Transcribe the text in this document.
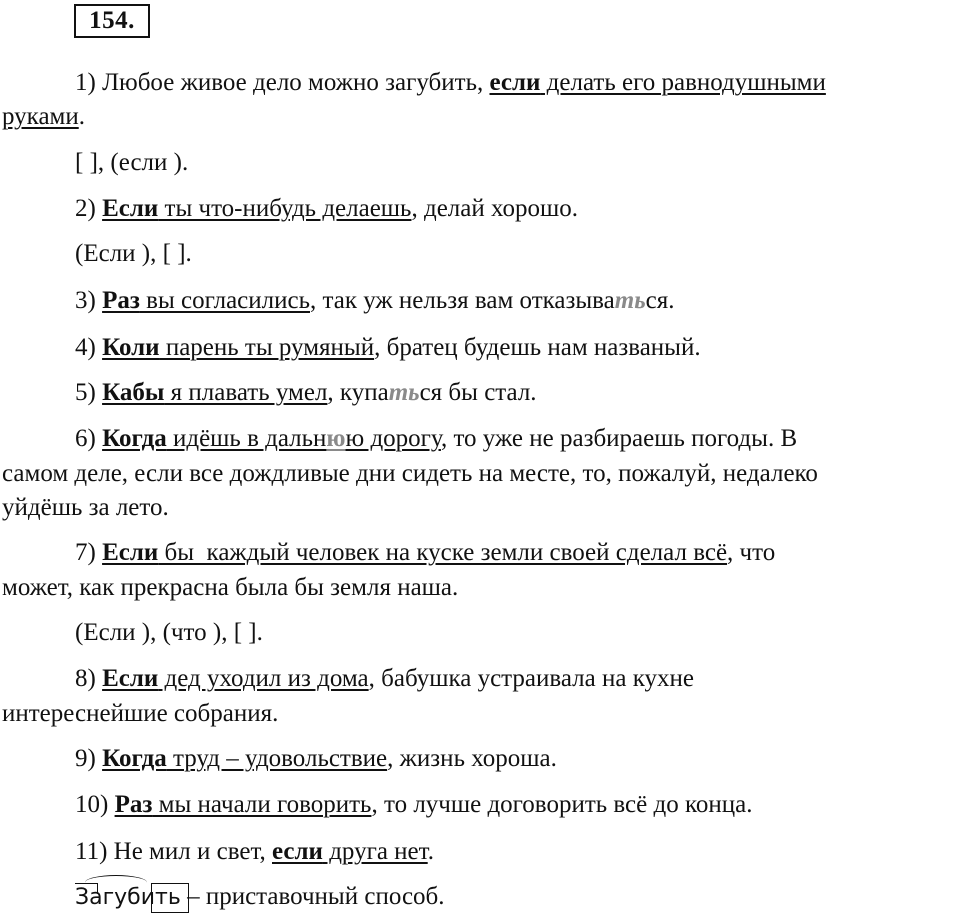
154.
1) Любое живое дело можно загубить, если делать его равнодушными
руками.
[ ], (если ).
2) Если ты что-нибудь делаешь, делай хорошо.
(Если ), [ ].
3) Раз вы согласились, так уж нельзя вам отказываться.
4) Коли парень ты румяный, братец будешь нам названый.
5) Кабы я плавать умел, купаться бы стал.
6) Когда идёшь в дальнюю дорогу, то уже не разбираешь погоды. В
самом деле, если все дождливые дни сидеть на месте, то, пожалуй, недалеко
уйдёшь за лето.
7) Если бы  каждый человек на куске земли своей сделал всё, что
может, как прекрасна была бы земля наша.
(Если ), (что ), [ ].
8) Если дед уходил из дома, бабушка устраивала на кухне
интереснейшие собрания.
9) Когда труд – удовольствие, жизнь хороша.
10) Раз мы начали говорить, то лучше договорить всё до конца.
11) Не мил и свет, если друга нет.
Загубить – приставочный способ.
